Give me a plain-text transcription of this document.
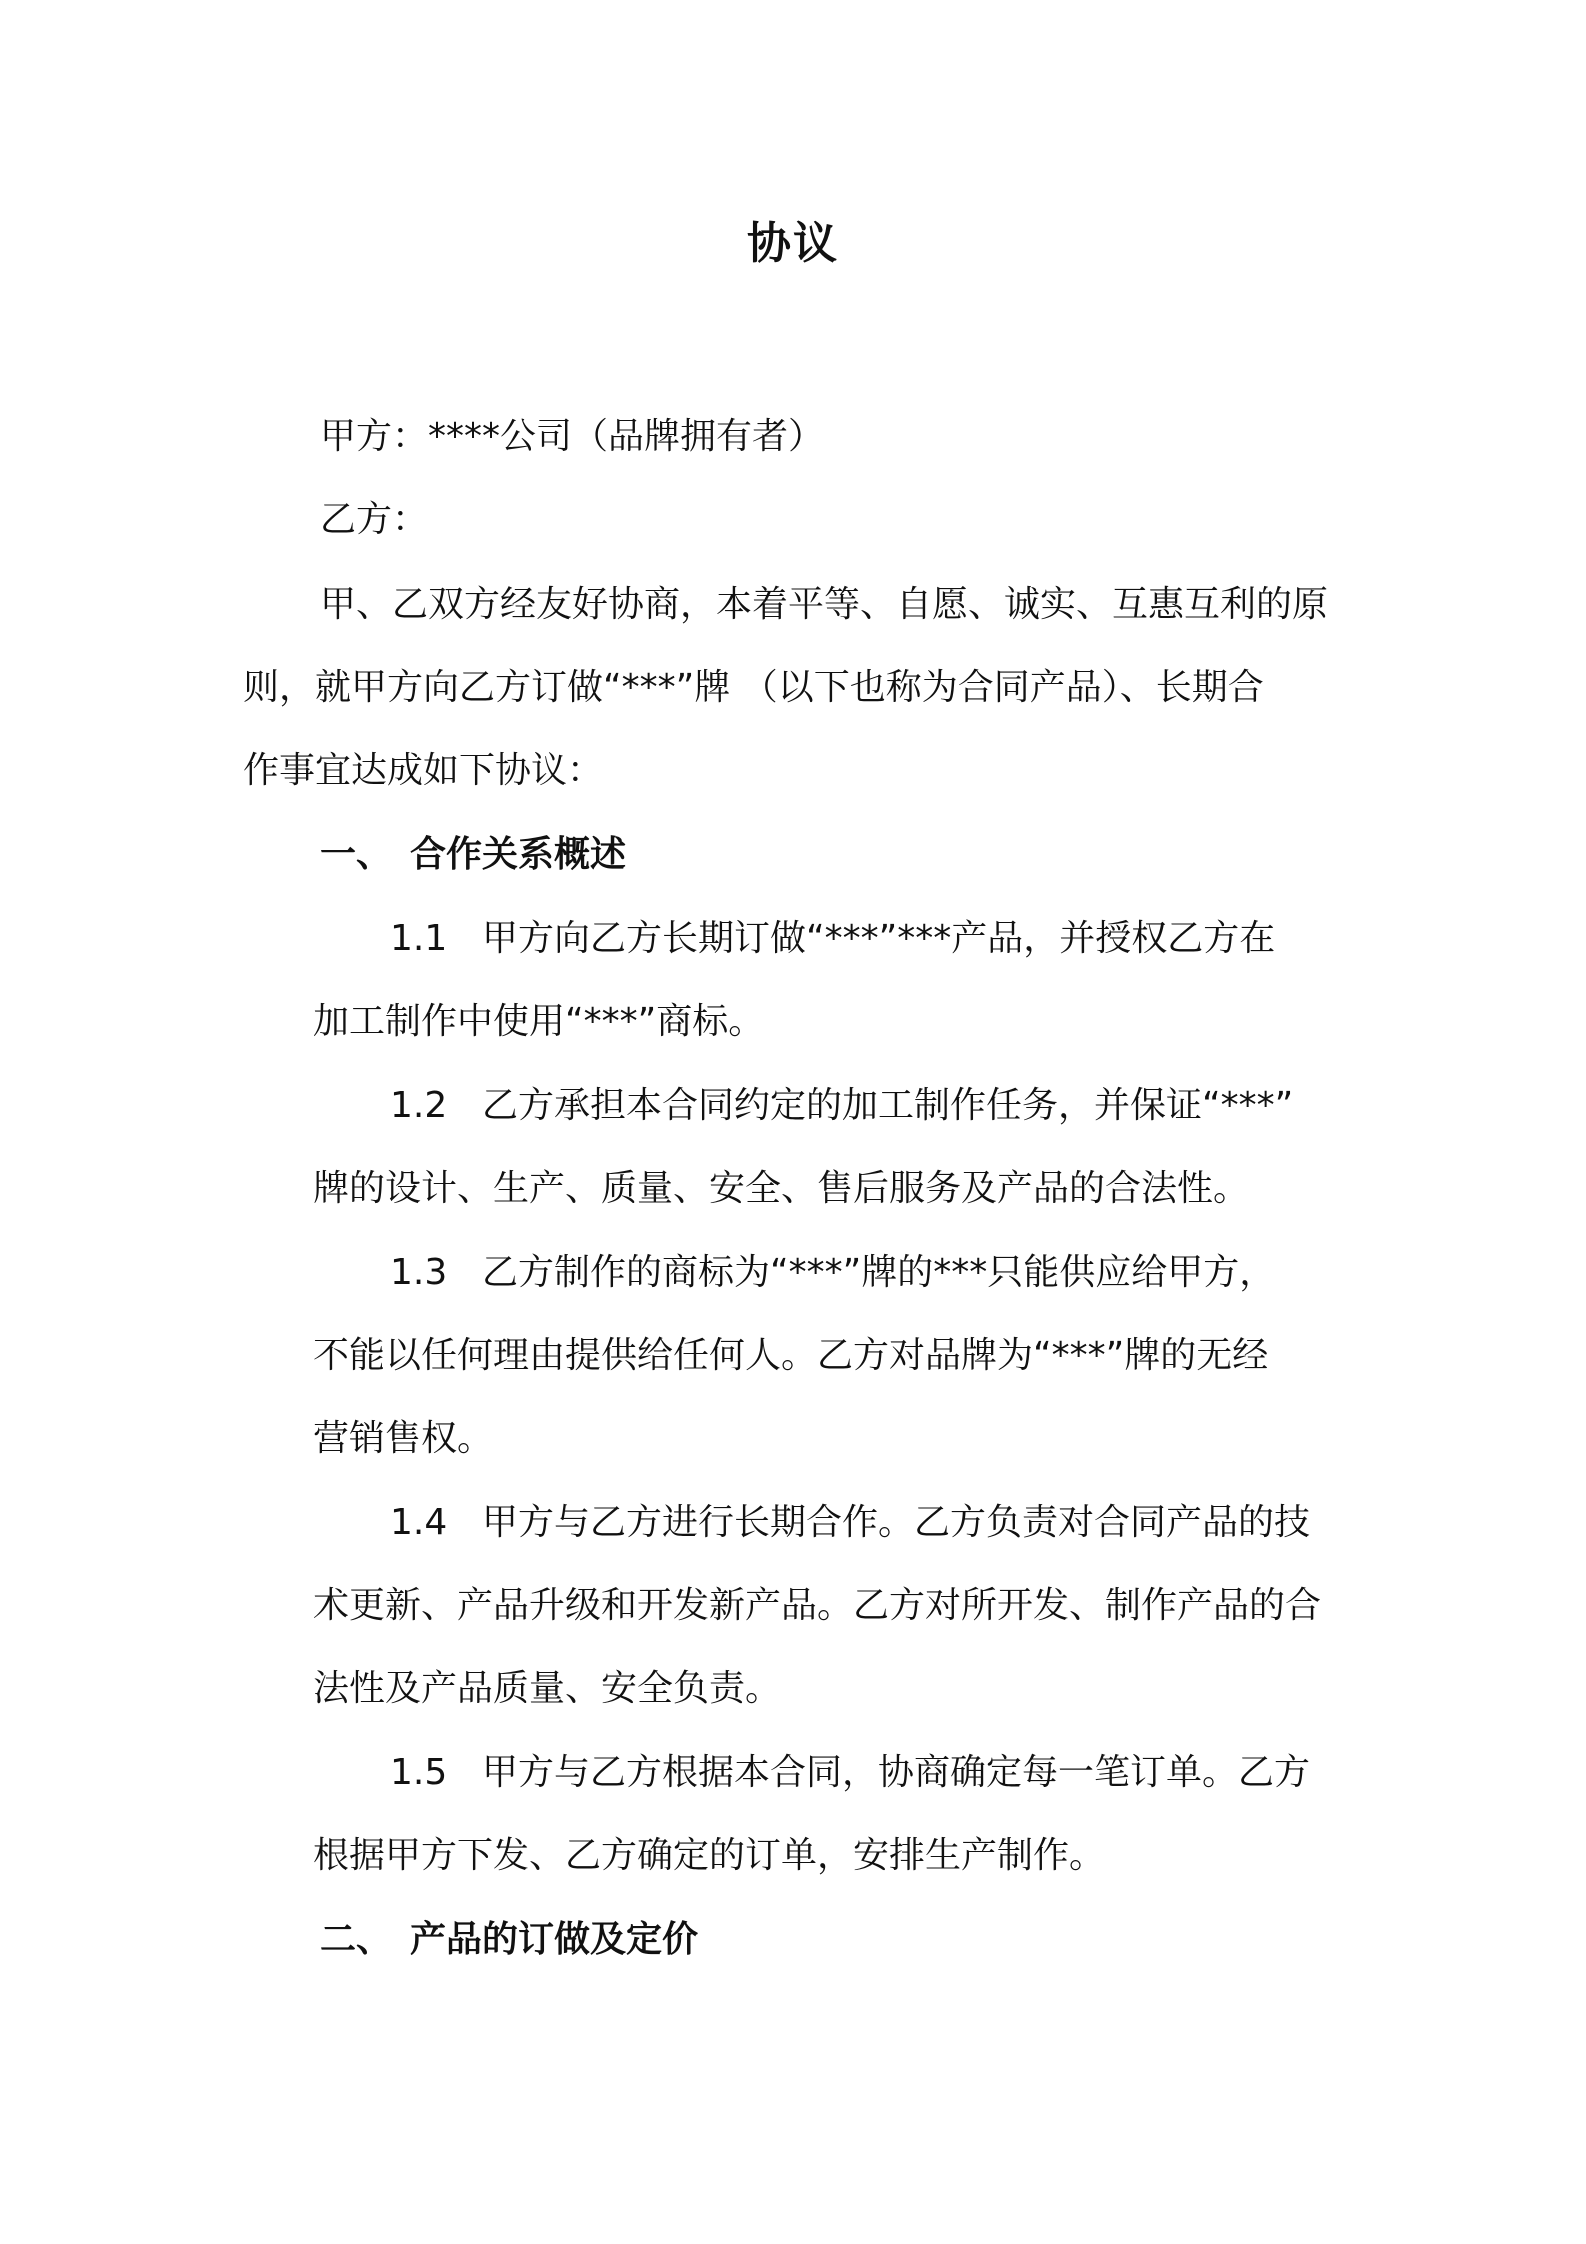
协议
甲方：****公司（品牌拥有者）
乙方：
甲、乙双方经友好协商，本着平等、自愿、诚实、互惠互利的原
则，就甲方向乙方订做“***”牌 （以下也称为合同产品）、长期合
作事宜达成如下协议：
一、 合作关系概述
1.1 甲方向乙方长期订做“***”***产品，并授权乙方在
加工制作中使用“***”商标。
1.2 乙方承担本合同约定的加工制作任务，并保证“***”
牌的设计、生产、质量、安全、售后服务及产品的合法性。
1.3 乙方制作的商标为“***”牌的***只能供应给甲方，
不能以任何理由提供给任何人。乙方对品牌为“***”牌的无经
营销售权。
1.4 甲方与乙方进行长期合作。乙方负责对合同产品的技
术更新、产品升级和开发新产品。乙方对所开发、制作产品的合
法性及产品质量、安全负责。
1.5 甲方与乙方根据本合同，协商确定每一笔订单。乙方
根据甲方下发、乙方确定的订单，安排生产制作。
二、 产品的订做及定价
